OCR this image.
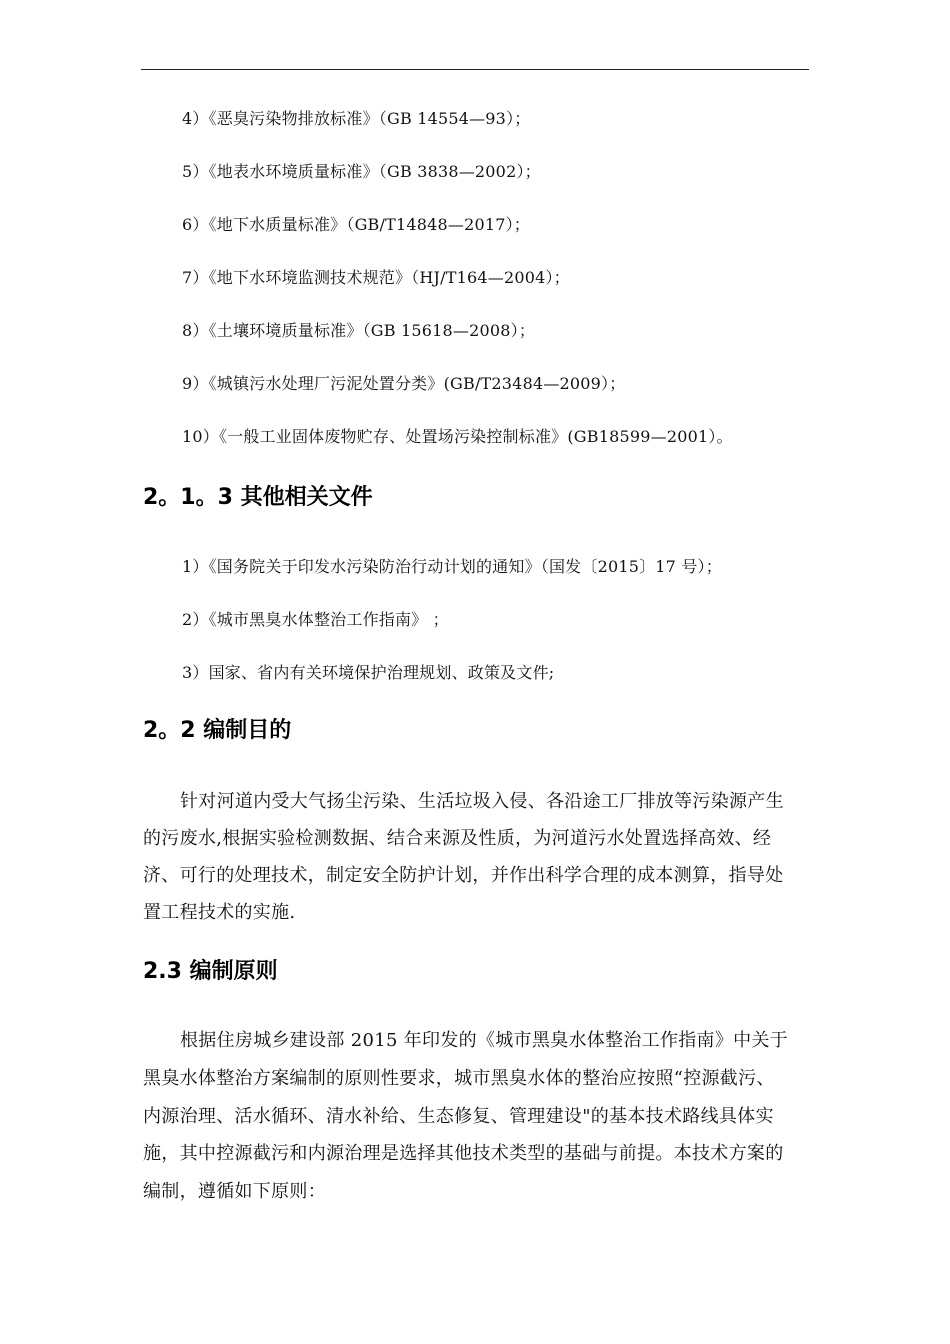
4）《恶臭污染物排放标准》（GB 14554—93）；
5）《地表水环境质量标准》（GB 3838—2002）；
6）《地下水质量标准》（GB/T14848—2017）；
7）《地下水环境监测技术规范》（HJ/T164—2004）；
8）《土壤环境质量标准》（GB 15618—2008）；
9）《城镇污水处理厂污泥处置分类》(GB/T23484—2009）；
10）《一般工业固体废物贮存、处置场污染控制标准》(GB18599—2001）。
2。1。3 其他相关文件
1）《国务院关于印发水污染防治行动计划的通知》（国发〔2015〕17 号）；
2）《城市黑臭水体整治工作指南》 ；
3）国家、省内有关环境保护治理规划、政策及文件;
2。2 编制目的
针对河道内受大气扬尘污染、生活垃圾入侵、各沿途工厂排放等污染源产生
的污废水,根据实验检测数据、结合来源及性质，为河道污水处置选择高效、经
济、可行的处理技术，制定安全防护计划，并作出科学合理的成本测算，指导处
置工程技术的实施.
2.3 编制原则
根据住房城乡建设部 2015 年印发的《城市黑臭水体整治工作指南》中关于
黑臭水体整治方案编制的原则性要求，城市黑臭水体的整治应按照“控源截污、
内源治理、活水循环、清水补给、生态修复、管理建设"的基本技术路线具体实
施，其中控源截污和内源治理是选择其他技术类型的基础与前提。本技术方案的
编制，遵循如下原则：
